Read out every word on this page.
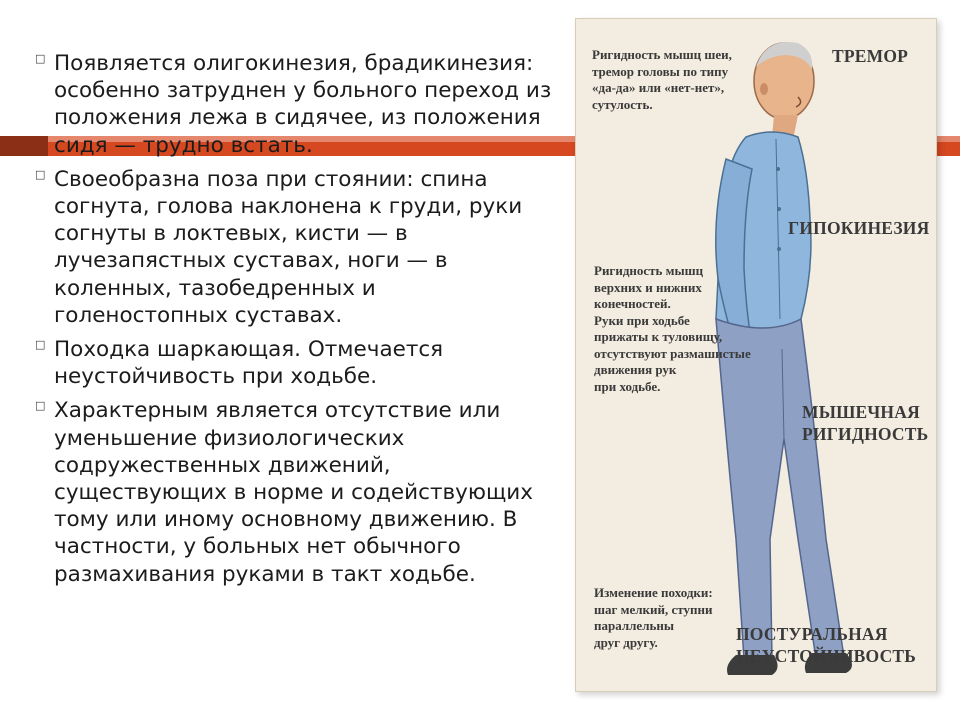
□ Появляется олигокинезия, брадикинезия: особенно затруднен у больного переход из положения лежа в сидячее, из положения сидя — трудно встать.
□ Своеобразна поза при стоянии: спина согнута, голова наклонена к груди, руки согнуты в локтевых, кисти — в лучезапястных суставах, ноги — в коленных, тазобедренных и голеностопных суставах.
□ Походка шаркающая. Отмечается неустойчивость при ходьбе.
□ Характерным является отсутствие или уменьшение физиологических содружественных движений, существующих в норме и содействующих тому или иному основному движению. В частности, у больных нет обычного размахивания руками в такт ходьбе.
Ригидность мышц шеи,
тремор головы по типу
«да-да» или «нет-нет»,
сутулость.
ТРЕМОР
ГИПОКИНЕЗИЯ
Ригидность мышц
верхних и нижних
конечностей.
Руки при ходьбе
прижаты к туловищу,
отсутствуют размашистые
движения рук
при ходьбе.
МЫШЕЧНАЯ
РИГИДНОСТЬ
Изменение походки:
шаг мелкий, ступни
параллельны
друг другу.	ПОСТУРАЛЬНАЯ
НЕУСТОЙЧИВОСТЬ
